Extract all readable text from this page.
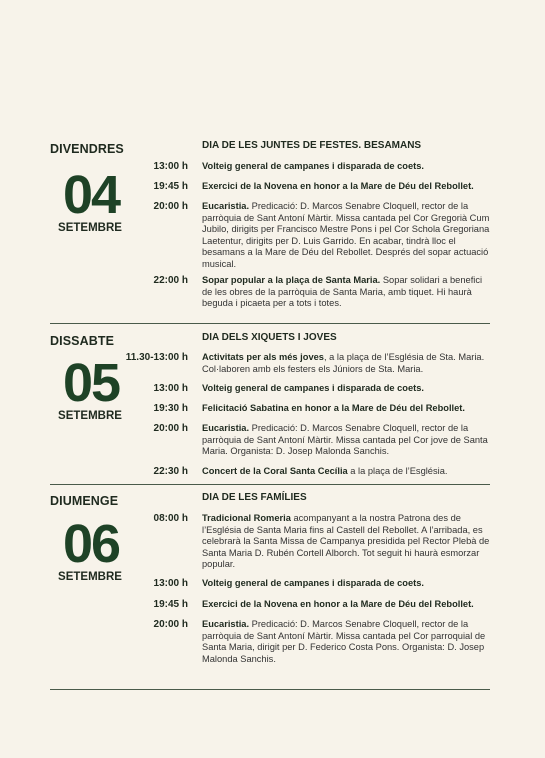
DIVENDRES
04
SETEMBRE
DIA DE LES JUNTES DE FESTES. BESAMANS
13:00 h Volteig general de campanes i disparada de coets.
19:45 h Exercici de la Novena en honor a la Mare de Déu del Rebollet.
20:00 h Eucaristia. Predicació: D. Marcos Senabre Cloquell, rector de la parròquia de Sant Antoní Màrtir. Missa cantada pel Cor Gregorià Cum Jubilo, dirigits per Francisco Mestre Pons i pel Cor Schola Gregoriana Laetentur, dirigits per D. Luis Garrido. En acabar, tindrà lloc el besamans a la Mare de Déu del Rebollet. Després del sopar actuació musical.
22:00 h Sopar popular a la plaça de Santa Maria. Sopar solidari a benefici de les obres de la parròquia de Santa Maria, amb tiquet. Hi haurà beguda i picaeta per a tots i totes.
DISSABTE
05
SETEMBRE
DIA DELS XIQUETS I JOVES
11.30-13:00 h Activitats per als més joves, a la plaça de l’Església de Sta. Maria. Col·laboren amb els festers els Júniors de Sta. Maria.
13:00 h Volteig general de campanes i disparada de coets.
19:30 h Felicitació Sabatina en honor a la Mare de Déu del Rebollet.
20:00 h Eucaristia. Predicació: D. Marcos Senabre Cloquell, rector de la parròquia de Sant Antoní Màrtir. Missa cantada pel Cor jove de Santa Maria. Organista: D. Josep Malonda Sanchis.
22:30 h Concert de la Coral Santa Cecília a la plaça de l’Església.
DIUMENGE
06
SETEMBRE
DIA DE LES FAMÍLIES
08:00 h Tradicional Romeria acompanyant a la nostra Patrona des de l’Església de Santa Maria fins al Castell del Rebollet. A l’arribada, es celebrarà la Santa Missa de Campanya presidida pel Rector Plebà de Santa Maria D. Rubén Cortell Alborch. Tot seguit hi haurà esmorzar popular.
13:00 h Volteig general de campanes i disparada de coets.
19:45 h Exercici de la Novena en honor a la Mare de Déu del Rebollet.
20:00 h Eucaristia. Predicació: D. Marcos Senabre Cloquell, rector de la parròquia de Sant Antoní Màrtir. Missa cantada pel Cor parroquial de Santa Maria, dirigit per D. Federico Costa Pons. Organista: D. Josep Malonda Sanchis.
